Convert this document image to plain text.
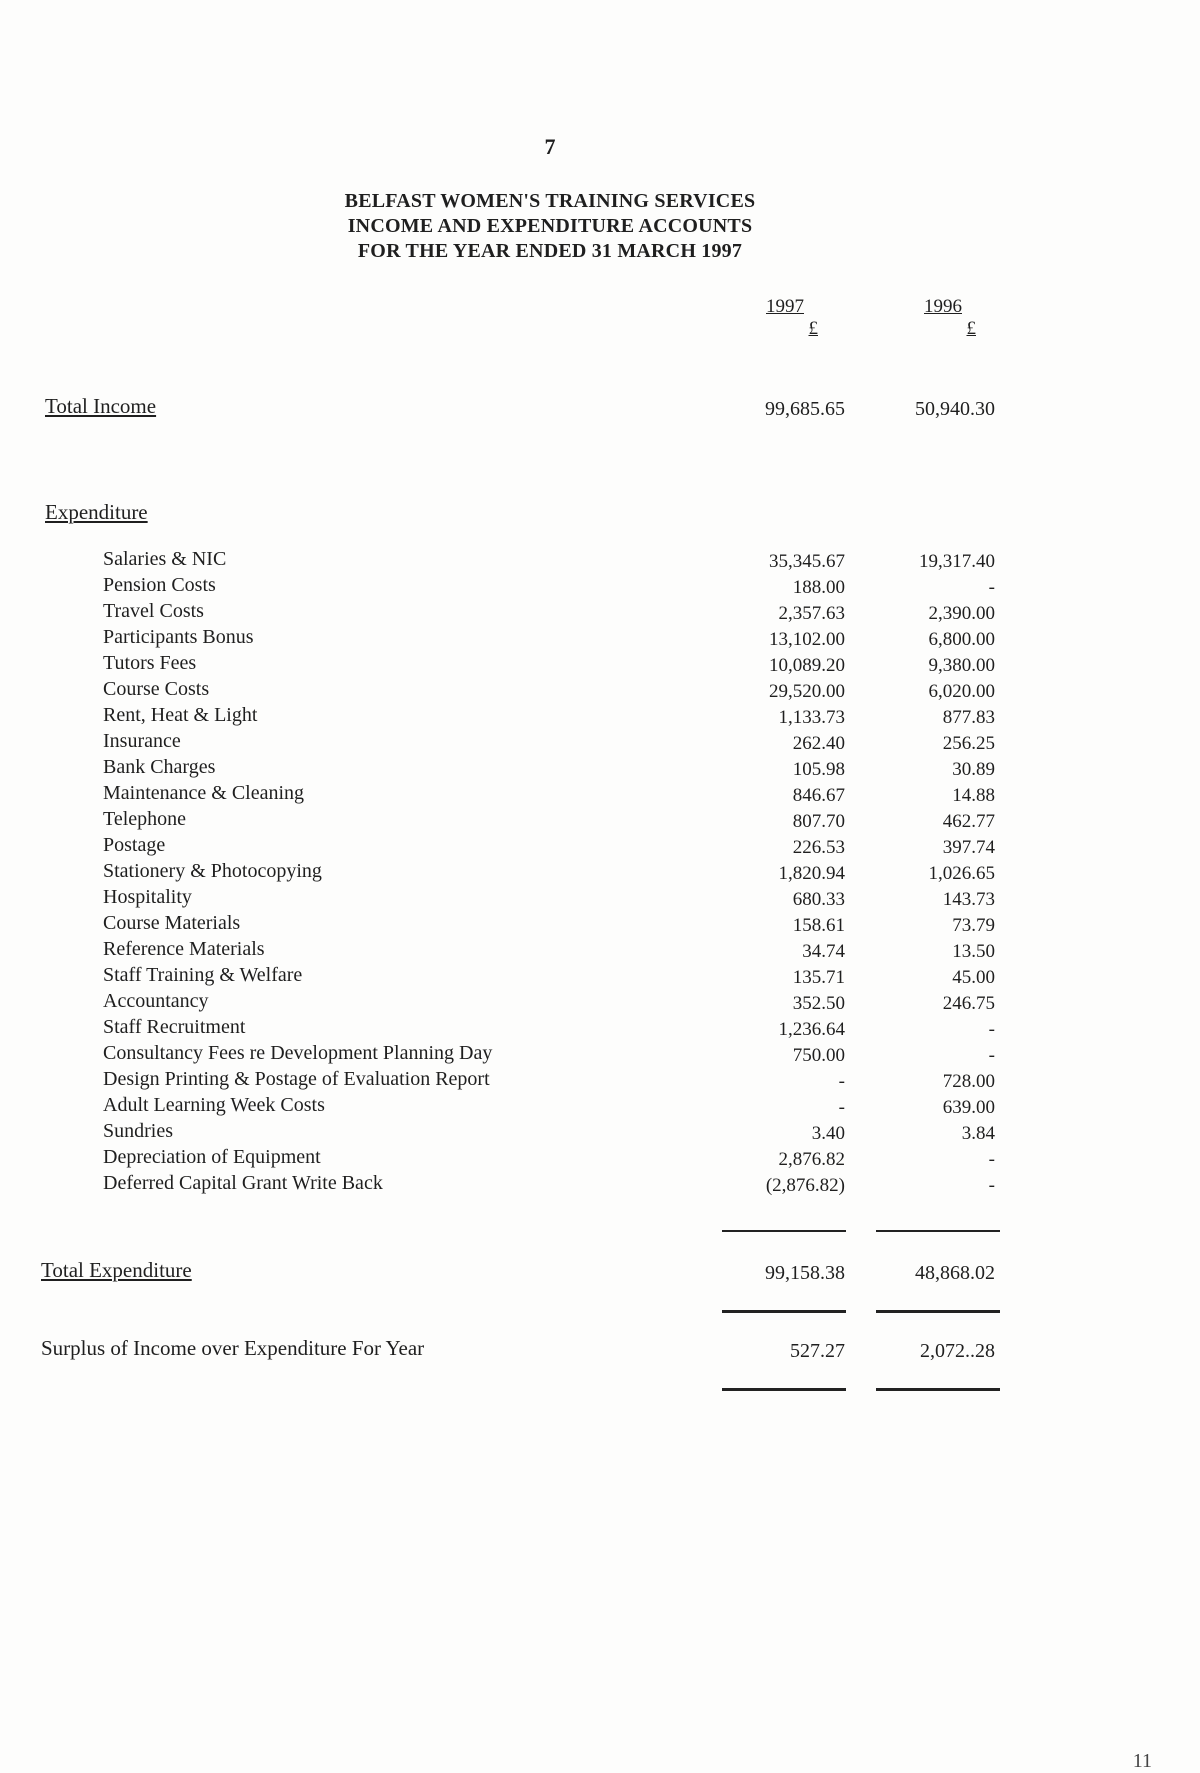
7
BELFAST WOMEN'S TRAINING SERVICES
INCOME AND EXPENDITURE ACCOUNTS
FOR THE YEAR ENDED 31 MARCH 1997
1997
£
1996
£
Total Income	99,685.65	50,940.30
Expenditure
Salaries & NIC	35,345.67	19,317.40
Pension Costs	188.00	-
Travel Costs	2,357.63	2,390.00
Participants Bonus	13,102.00	6,800.00
Tutors Fees	10,089.20	9,380.00
Course Costs	29,520.00	6,020.00
Rent, Heat & Light	1,133.73	877.83
Insurance	262.40	256.25
Bank Charges	105.98	30.89
Maintenance & Cleaning	846.67	14.88
Telephone	807.70	462.77
Postage	226.53	397.74
Stationery & Photocopying	1,820.94	1,026.65
Hospitality	680.33	143.73
Course Materials	158.61	73.79
Reference Materials	34.74	13.50
Staff Training & Welfare	135.71	45.00
Accountancy	352.50	246.75
Staff Recruitment	1,236.64	-
Consultancy Fees re Development Planning Day	750.00	-
Design Printing & Postage of Evaluation Report	-	728.00
Adult Learning Week Costs	-	639.00
Sundries	3.40	3.84
Depreciation of Equipment	2,876.82	-
Deferred Capital Grant Write Back	(2,876.82)	-
Total Expenditure	99,158.38	48,868.02
Surplus of Income over Expenditure For Year	527.27	2,072..28
11
